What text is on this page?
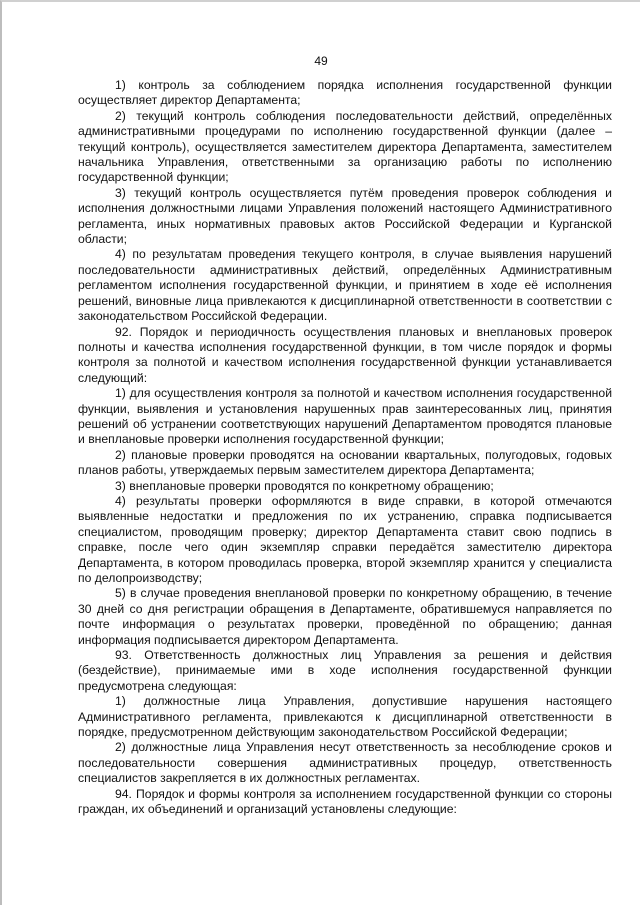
49

1) контроль за соблюдением порядка исполнения государственной функции осуществляет директор Департамента;

2) текущий контроль соблюдения последовательности действий, определённых административными процедурами по исполнению государственной функции (далее – текущий контроль), осуществляется заместителем директора Департамента, заместителем начальника Управления, ответственными за организацию работы по исполнению государственной функции;

3) текущий контроль осуществляется путём проведения проверок соблюдения и исполнения должностными лицами Управления положений настоящего Административного регламента, иных нормативных правовых актов Российской Федерации и Курганской области;

4) по результатам проведения текущего контроля, в случае выявления нарушений последовательности административных действий, определённых Административным регламентом исполнения государственной функции, и принятием в ходе её исполнения решений, виновные лица привлекаются к дисциплинарной ответственности в соответствии с законодательством Российской Федерации.

92. Порядок и периодичность осуществления плановых и внеплановых проверок полноты и качества исполнения государственной функции, в том числе порядок и формы контроля за полнотой и качеством исполнения государственной функции устанавливается следующий:

1) для осуществления контроля за полнотой и качеством исполнения государственной функции, выявления и установления нарушенных прав заинтересованных лиц, принятия решений об устранении соответствующих нарушений Департаментом проводятся плановые и внеплановые проверки исполнения государственной функции;

2) плановые проверки проводятся на основании квартальных, полугодовых, годовых планов работы, утверждаемых первым заместителем директора Департамента;

3) внеплановые проверки проводятся по конкретному обращению;

4) результаты проверки оформляются в виде справки, в которой отмечаются выявленные недостатки и предложения по их устранению, справка подписывается специалистом, проводящим проверку; директор Департамента ставит свою подпись в справке, после чего один экземпляр справки передаётся заместителю директора Департамента, в котором проводилась проверка, второй экземпляр хранится у специалиста по делопроизводству;

5) в случае проведения внеплановой проверки по конкретному обращению, в течение 30 дней со дня регистрации обращения в Департаменте, обратившемуся направляется по почте информация о результатах проверки, проведённой по обращению; данная информация подписывается директором Департамента.

93. Ответственность должностных лиц Управления за решения и действия (бездействие), принимаемые ими в ходе исполнения государственной функции предусмотрена следующая:

1) должностные лица Управления, допустившие нарушения настоящего Административного регламента, привлекаются к дисциплинарной ответственности в порядке, предусмотренном действующим законодательством Российской Федерации;

2) должностные лица Управления несут ответственность за несоблюдение сроков и последовательности совершения административных процедур, ответственность специалистов закрепляется в их должностных регламентах.

94. Порядок и формы контроля за исполнением государственной функции со стороны граждан, их объединений и организаций установлены следующие:
